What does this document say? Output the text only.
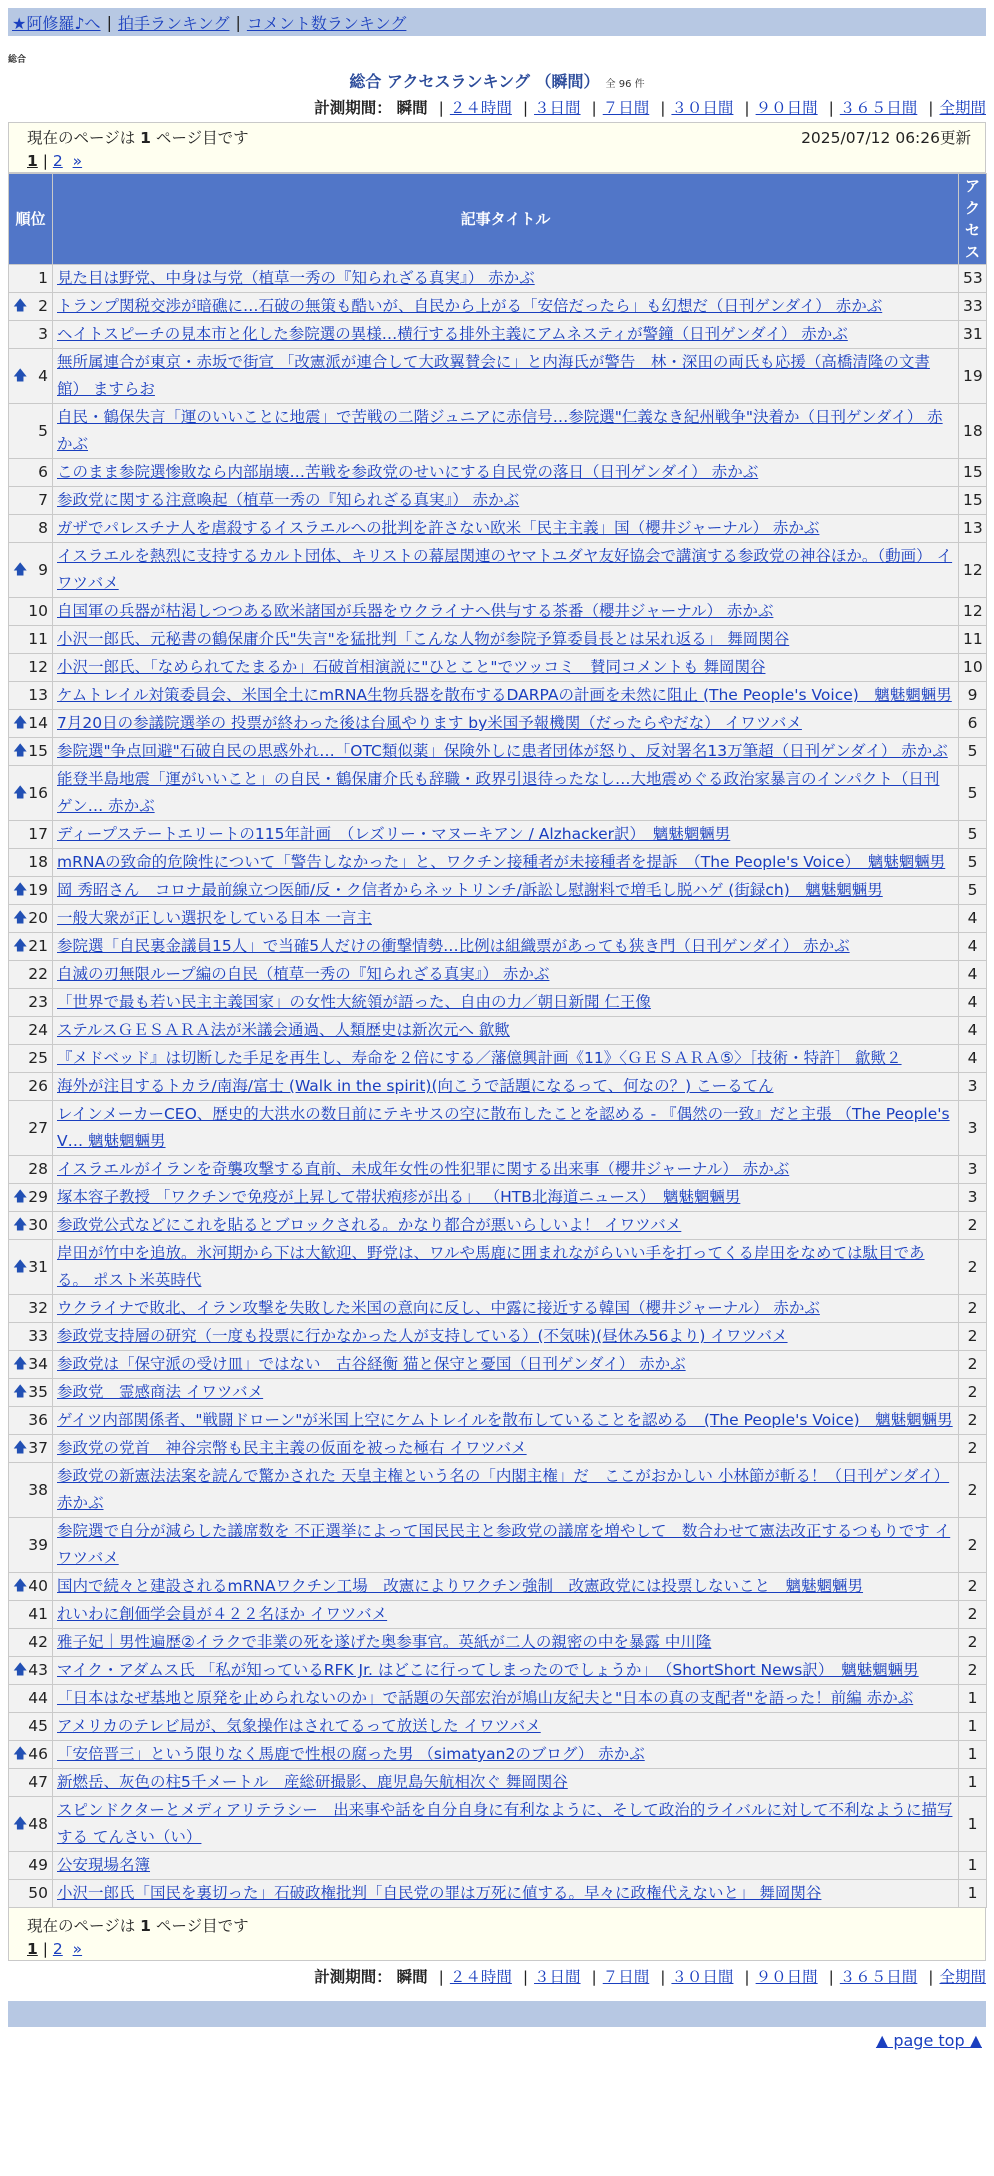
★阿修羅♪へ | 拍手ランキング | コメント数ランキング
総合
総合 アクセスランキング （瞬間） 全 96 件
計測期間： 瞬間 | ２４時間 | ３日間 | ７日間 | ３０日間 | ９０日間 | ３６５日間 | 全期間
現在のページは 1 ページ目です	2025/07/12 06:26更新
1 | 2 »
順位	記事タイトル	アクセス
1	見た目は野党、中身は与党（植草一秀の『知られざる真実』） 赤かぶ	53

🡅 2	トランプ関税交渉が暗礁に…石破の無策も酷いが、自民から上がる「安倍だったら」も幻想だ（日刊ゲンダイ） 赤かぶ	33
3	ヘイトスピーチの見本市と化した参院選の異様…横行する排外主義にアムネスティが警鐘（日刊ゲンダイ） 赤かぶ	31

🡅 4	無所属連合が東京・赤坂で街宣 「改憲派が連合して大政翼賛会に」と内海氏が警告　林・深田の両氏も応援（高橋清隆の文書館） ますらお	19
5	自民・鶴保失言「運のいいことに地震」で苦戦の二階ジュニアに赤信号…参院選"仁義なき紀州戦争"決着か（日刊ゲンダイ） 赤かぶ	18
6	このまま参院選惨敗なら内部崩壊…苦戦を参政党のせいにする自民党の落日（日刊ゲンダイ） 赤かぶ	15
7	参政党に関する注意喚起（植草一秀の『知られざる真実』） 赤かぶ	15
8	ガザでパレスチナ人を虐殺するイスラエルへの批判を許さない欧米「民主主義」国（櫻井ジャーナル） 赤かぶ	13

🡅 9	イスラエルを熱烈に支持するカルト団体、キリストの幕屋関連のヤマトユダヤ友好協会で講演する参政党の神谷ほか。（動画） イワツバメ	12
10	自国軍の兵器が枯渇しつつある欧米諸国が兵器をウクライナへ供与する茶番（櫻井ジャーナル） 赤かぶ	12
11	小沢一郎氏、元秘書の鶴保庸介氏"失言"を猛批判「こんな人物が参院予算委員長とは呆れ返る」 舞岡関谷	11
12	小沢一郎氏、「なめられてたまるか」石破首相演説に"ひとこと"でツッコミ　賛同コメントも 舞岡関谷	10
13	ケムトレイル対策委員会、米国全土にmRNA生物兵器を散布するDARPAの計画を未然に阻止 (The People's Voice)　魑魅魍魎男	9

🡅 14	7月20日の参議院選挙の 投票が終わった後は台風やります by米国予報機関（だったらやだな） イワツバメ	6

🡅 15	参院選"争点回避"石破自民の思惑外れ…「OTC類似薬」保険外しに患者団体が怒り、反対署名13万筆超（日刊ゲンダイ） 赤かぶ	5

🡅 16	能登半島地震「運がいいこと」の自民・鶴保庸介氏も辞職・政界引退待ったなし…大地震めぐる政治家暴言のインパクト（日刊ゲン… 赤かぶ	5
17	ディープステートエリートの115年計画　（レズリー・マヌーキアン / Alzhacker訳）　魑魅魍魎男	5
18	mRNAの致命的危険性について「警告しなかった」と、ワクチン接種者が未接種者を提訴　（The People's Voice）　魑魅魍魎男	5

🡅 19	岡 秀昭さん　コロナ最前線立つ医師/反・ク信者からネットリンチ/訴訟し慰謝料で増毛し脱ハゲ (街録ch)　魑魅魍魎男	5

🡅 20	一般大衆が正しい選択をしている日本 一言主	4

🡅 21	参院選「自民裏金議員15人」で当確5人だけの衝撃情勢…比例は組織票があっても狭き門（日刊ゲンダイ） 赤かぶ	4
22	自滅の刃無限ループ編の自民（植草一秀の『知られざる真実』） 赤かぶ	4
23	「世界で最も若い民主主義国家」の女性大統領が語った、自由の力／朝日新聞 仁王像	4
24	ステルスＧＥＳＡＲＡ法が米議会通過、人類歴史は新次元へ 歙歟	4
25	『メドベッド』は切断した手足を再生し、寿命を２倍にする／藩億興計画《11》〈ＧＥＳＡＲＡ⑤〉［技術・特許］ 歙歟２	4
26	海外が注目するトカラ/南海/富士 (Walk in the spirit)(向こうで話題になるって、何なの？) こーるてん	3
27	レインメーカーCEO、歴史的大洪水の数日前にテキサスの空に散布したことを認める - 『偶然の一致』だと主張 （The People's V… 魑魅魍魎男	3
28	イスラエルがイランを奇襲攻撃する直前、未成年女性の性犯罪に関する出来事（櫻井ジャーナル） 赤かぶ	3

🡅 29	塚本容子教授 「ワクチンで免疫が上昇して帯状疱疹が出る」 （HTB北海道ニュース）　魑魅魍魎男	3

🡅 30	参政党公式などにこれを貼るとブロックされる。かなり都合が悪いらしいよ！ イワツバメ	2

🡅 31	岸田が竹中を追放。氷河期から下は大歓迎、野党は、ワルや馬鹿に囲まれながらいい手を打ってくる岸田をなめては駄目である。 ポスト米英時代	2
32	ウクライナで敗北、イラン攻撃を失敗した米国の意向に反し、中露に接近する韓国（櫻井ジャーナル） 赤かぶ	2
33	参政党支持層の研究（一度も投票に行かなかった人が支持している）(不気味)(昼休み56より) イワツバメ	2

🡅 34	参政党は「保守派の受け皿」ではない　古谷経衡 猫と保守と憂国（日刊ゲンダイ） 赤かぶ	2

🡅 35	参政党　霊感商法 イワツバメ	2
36	ゲイツ内部関係者、"戦闘ドローン"が米国上空にケムトレイルを散布していることを認める　(The People's Voice)　魑魅魍魎男	2

🡅 37	参政党の党首　神谷宗幣も民主主義の仮面を被った極右 イワツバメ	2
38	参政党の新憲法法案を読んで驚かされた 天皇主権という名の「内閣主権」だ　ここがおかしい 小林節が斬る！（日刊ゲンダイ） 赤かぶ	2
39	参院選で自分が減らした議席数を 不正選挙によって国民民主と参政党の議席を増やして　数合わせて憲法改正するつもりです イワツバメ	2

🡅 40	国内で続々と建設されるmRNAワクチン工場　改憲によりワクチン強制　改憲政党には投票しないこと　魑魅魍魎男	2
41	れいわに創価学会員が４２２名ほか イワツバメ	2
42	雅子妃｜男性遍歴②イラクで非業の死を遂げた奥参事官。英紙が二人の親密の中を暴露 中川隆	2

🡅 43	マイク・アダムス氏 「私が知っているRFK Jr. はどこに行ってしまったのでしょうか」　（ShortShort News訳）　魑魅魍魎男	2
44	「日本はなぜ基地と原発を止められないのか」で話題の矢部宏治が鳩山友紀夫と"日本の真の支配者"を語った！前編 赤かぶ	1
45	アメリカのテレビ局が、気象操作はされてるって放送した イワツバメ	1

🡅 46	「安倍晋三」という限りなく馬鹿で性根の腐った男 （simatyan2のブログ） 赤かぶ	1
47	新燃岳、灰色の柱5千メートル　産総研撮影、鹿児島矢航相次ぐ 舞岡関谷	1

🡅 48	スピンドクターとメディアリテラシー　出来事や話を自分自身に有利なように、そして政治的ライバルに対して不利なように描写する てんさい（い）	1
49	公安現場名簿	1
50	小沢一郎氏「国民を裏切った」石破政権批判「自民党の罪は万死に値する。早々に政権代えないと」 舞岡関谷	1
現在のページは 1 ページ目です
1 | 2 »
計測期間： 瞬間 | ２４時間 | ３日間 | ７日間 | ３０日間 | ９０日間 | ３６５日間 | 全期間
▲ page top ▲
